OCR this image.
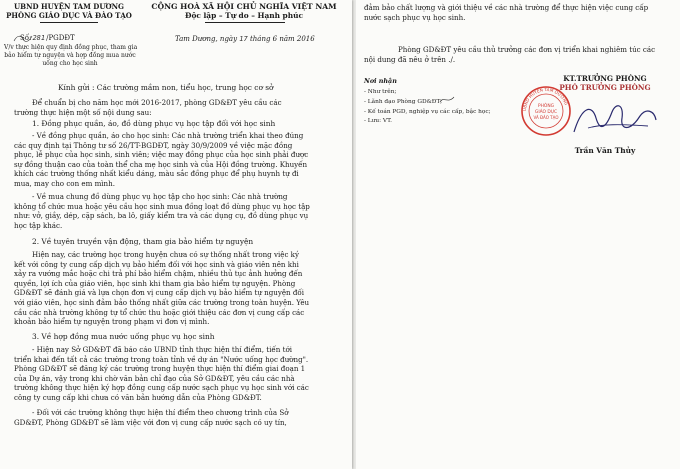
UBND HUYỆN TAM DƯƠNG
PHÒNG GIÁO DỤC VÀ ĐÀO TẠO
CỘNG HOÀ XÃ HỘI CHỦ NGHĨA VIỆT NAM
Độc lập – Tự do – Hạnh phúc
Số:281/PGDĐT
V/v thực hiện quy định đồng phục, tham gia
bảo hiểm tự nguyện và hợp đồng mua nước
uống cho học sinh
Tam Dương, ngày 17 tháng 6 năm 2016
Kính gửi : Các trường mầm non, tiểu học, trung học cơ sở
Để chuẩn bị cho năm học mới 2016-2017, phòng GD&ĐT yêu cầu các
trường thực hiện một số nội dung sau:
1. Đồng phục quần, áo, đồ dùng phục vụ học tập đối với học sinh
- Về đồng phục quần, áo cho học sinh: Các nhà trường triển khai theo đúng
các quy định tại Thông tư số 26/TT-BGDĐT, ngày 30/9/2009 về việc mặc đồng
phục, lễ phục của học sinh, sinh viên; việc may đồng phục của học sinh phải được
sự đồng thuận cao của toàn thể cha mẹ học sinh và của Hội đồng trường. Khuyến
khích các trường thống nhất kiểu dáng, màu sắc đồng phục để phụ huynh tự đi
mua, may cho con em mình.
- Về mua chung đồ dùng phục vụ học tập cho học sinh: Các nhà trường
không tổ chức mua hoặc yêu cầu học sinh mua đồng loạt đồ dùng phục vụ học tập
như: vở, giầy, dép, cặp sách, ba lô, giấy kiểm tra và các dụng cụ, đồ dùng phục vụ
học tập khác.
2. Về tuyên truyền vận động, tham gia bảo hiểm tự nguyện
Hiện nay, các trường học trong huyện chưa có sự thống nhất trong việc ký
kết với công ty cung cấp dịch vụ bảo hiểm đối với học sinh và giáo viên nên khi
xảy ra vướng mắc hoặc chi trả phí bảo hiểm chậm, nhiều thủ tục ảnh hưởng đến
quyền, lợi ích của giáo viên, học sinh khi tham gia bảo hiểm tự nguyện. Phòng
GD&ĐT sẽ đánh giá và lựa chọn đơn vị cung cấp dịch vụ bảo hiểm tự nguyện đối
với giáo viên, học sinh đảm bảo thống nhất giữa các trường trong toàn huyện. Yêu
cầu các nhà trường không tự tổ chức thu hoặc giới thiệu các đơn vị cung cấp các
khoản bảo hiểm tự nguyện trong phạm vi đơn vị mình.
3. Về hợp đồng mua nước uống phục vụ học sinh
- Hiện nay Sở GD&ĐT đã báo cáo UBND tỉnh thực hiện thí điểm, tiến tới
triển khai đến tất cả các trường trong toàn tỉnh về dự án "Nước uống học đường".
Phòng GD&ĐT sẽ đăng ký các trường trong huyện thực hiện thí điểm giai đoạn 1
của Dự án, vậy trong khi chờ văn bản chỉ đạo của Sở GD&ĐT, yêu cầu các nhà
trường không thực hiện ký hợp đồng cung cấp nước sạch phục vụ học sinh với các
công ty cung cấp khi chưa có văn bản hướng dẫn của Phòng GD&ĐT.
- Đối với các trường không thực hiện thí điểm theo chương trình của Sở
GD&ĐT, Phòng GD&ĐT sẽ làm việc với đơn vị cung cấp nước sạch có uy tín,
đảm bảo chất lượng và giới thiệu về các nhà trường để thực hiện việc cung cấp
nước sạch phục vụ học sinh.
Phòng GD&ĐT yêu cầu thủ trưởng các đơn vị triển khai nghiêm túc các
nội dung đã nêu ở trên ./.
Nơi nhận
- Như trên;
- Lãnh đạo Phòng GD&ĐT;
- Kế toán PGD, nghiệp vụ các cấp, bậc học;
- Lưu: VT.
KT.TRƯỞNG PHÒNG
PHÓ TRƯỞNG PHÒNG
UBND HUYỆN TAM DƯƠNG
PHÒNG
GIÁO DỤC
VÀ ĐÀO TẠO
Trần Văn Thủy
